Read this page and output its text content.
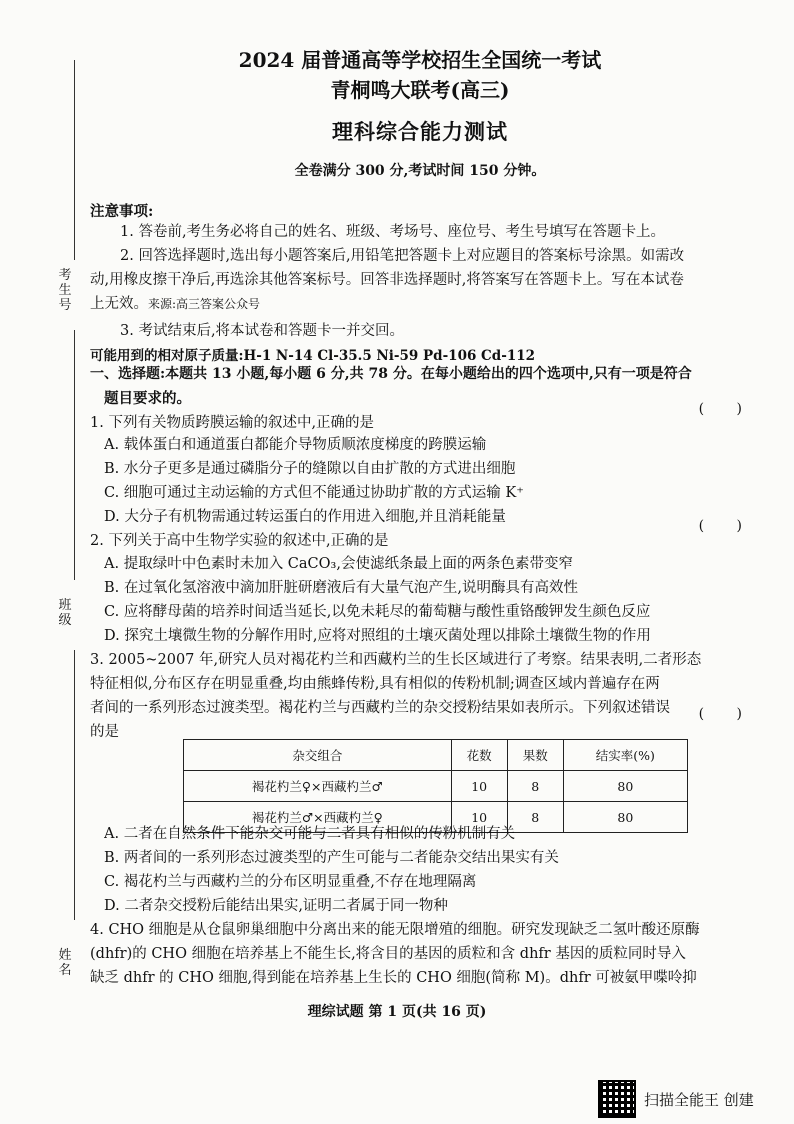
考生号
班级
姓名
2024 届普通高等学校招生全国统一考试
青桐鸣大联考(高三)
理科综合能力测试
全卷满分 300 分,考试时间 150 分钟。
注意事项:
1. 答卷前,考生务必将自己的姓名、班级、考场号、座位号、考生号填写在答题卡上。
2. 回答选择题时,选出每小题答案后,用铅笔把答题卡上对应题目的答案标号涂黑。如需改
动,用橡皮擦干净后,再选涂其他答案标号。回答非选择题时,将答案写在答题卡上。写在本试卷
上无效。来源:高三答案公众号
3. 考试结束后,将本试卷和答题卡一并交回。
可能用到的相对原子质量:H-1 N-14 Cl-35.5 Ni-59 Pd-106 Cd-112
一、选择题:本题共 13 小题,每小题 6 分,共 78 分。在每小题给出的四个选项中,只有一项是符合
题目要求的。
1. 下列有关物质跨膜运输的叙述中,正确的是
( )
A. 载体蛋白和通道蛋白都能介导物质顺浓度梯度的跨膜运输
B. 水分子更多是通过磷脂分子的缝隙以自由扩散的方式进出细胞
C. 细胞可通过主动运输的方式但不能通过协助扩散的方式运输 K⁺
D. 大分子有机物需通过转运蛋白的作用进入细胞,并且消耗能量
2. 下列关于高中生物学实验的叙述中,正确的是
( )
A. 提取绿叶中色素时未加入 CaCO₃,会使滤纸条最上面的两条色素带变窄
B. 在过氧化氢溶液中滴加肝脏研磨液后有大量气泡产生,说明酶具有高效性
C. 应将酵母菌的培养时间适当延长,以免未耗尽的葡萄糖与酸性重铬酸钾发生颜色反应
D. 探究土壤微生物的分解作用时,应将对照组的土壤灭菌处理以排除土壤微生物的作用
3. 2005~2007 年,研究人员对褐花杓兰和西藏杓兰的生长区域进行了考察。结果表明,二者形态
特征相似,分布区存在明显重叠,均由熊蜂传粉,具有相似的传粉机制;调查区域内普遍存在两
者间的一系列形态过渡类型。褐花杓兰与西藏杓兰的杂交授粉结果如表所示。下列叙述错误
的是
( )
杂交组合	花数	果数	结实率(%)
褐花杓兰♀×西藏杓兰♂	10	8	80
褐花杓兰♂×西藏杓兰♀	10	8	80
A. 二者在自然条件下能杂交可能与二者具有相似的传粉机制有关
B. 两者间的一系列形态过渡类型的产生可能与二者能杂交结出果实有关
C. 褐花杓兰与西藏杓兰的分布区明显重叠,不存在地理隔离
D. 二者杂交授粉后能结出果实,证明二者属于同一物种
4. CHO 细胞是从仓鼠卵巢细胞中分离出来的能无限增殖的细胞。研究发现缺乏二氢叶酸还原酶
(dhfr)的 CHO 细胞在培养基上不能生长,将含目的基因的质粒和含 dhfr 基因的质粒同时导入
缺乏 dhfr 的 CHO 细胞,得到能在培养基上生长的 CHO 细胞(简称 M)。dhfr 可被氨甲喋呤抑
理综试题 第 1 页(共 16 页)
扫描全能王 创建
